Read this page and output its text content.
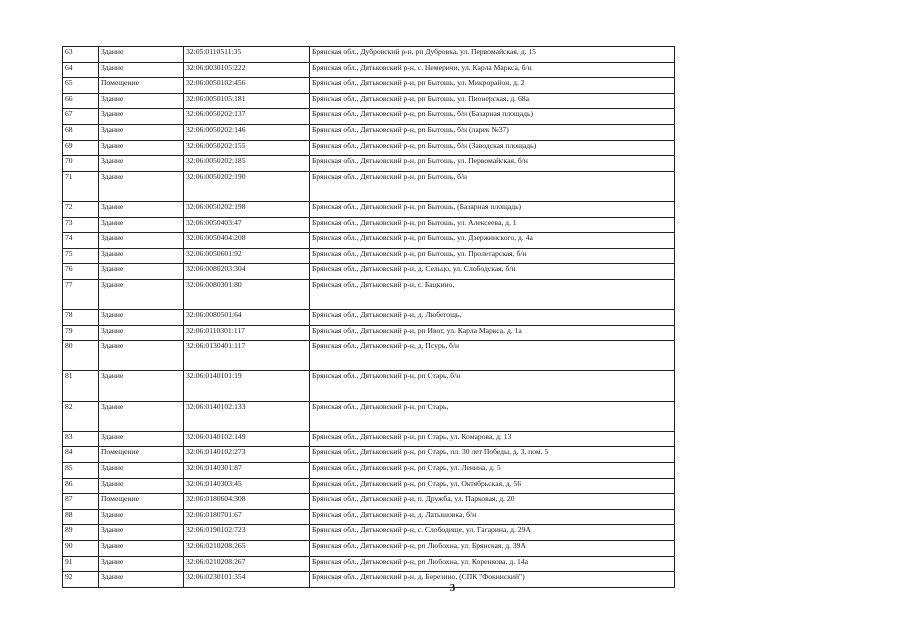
63	Здание	32:05:0110511:35	Брянская обл., Дубровский р-н, рп Дубровка, ул. Первомайская, д. 15
64	Здание	32:06:0030105:222	Брянская обл., Дятьковский р-н, с. Немеричи, ул. Карла Маркса, б/н
65	Помещение	32:06:0050102:456	Брянская обл., Дятьковский р-н, рп Бытошь, ул. Микрорайон, д. 2
66	Здание	32:06:0050105:181	Брянская обл., Дятьковский р-н, рп Бытошь, ул. Пионерская, д. 68а
67	Здание	32:06:0050202:137	Брянская обл., Дятьковский р-н, рп Бытошь, б/н (Базарная площадь)
68	Здание	32:06:0050202:146	Брянская обл., Дятьковский р-н, рп Бытошь, б/н (ларек №37)
69	Здание	32:06:0050202:155	Брянская обл., Дятьковский р-н, рп Бытошь, б/н (Заводская площадь)
70	Здание	32:06:0050202:185	Брянская обл., Дятьковский р-н, рп Бытошь, ул. Первомайская, б/н
71	Здание	32:06:0050202:190	Брянская обл., Дятьковский р-н, рп Бытошь, б/н
72	Здание	32:06:0050202:198	Брянская обл., Дятьковский р-н, рп Бытошь, (Базарная площадь)
73	Здание	32:06:0050403:47	Брянская обл., Дятьковский р-н, рп Бытошь, ул. Алексеева, д. 1
74	Здание	32:06:0050404:208	Брянская обл., Дятьковский р-н, рп Бытошь, ул. Дзержинского, д. 4а
75	Здание	32:06:0050601:92	Брянская обл., Дятьковский р-н, рп Бытошь, ул. Пролетарская, б/н
76	Здание	32:06:0080203:304	Брянская обл., Дятьковский р-н, д. Сельцо, ул. Слободская, б/н
77	Здание	32:06:0080301:80	Брянская обл., Дятьковский р-н, с. Бацкино,
78	Здание	32:06:0080501:64	Брянская обл., Дятьковский р-н, д. Любегощь,
79	Здание	32:06:0110301:117	Брянская обл., Дятьковский р-н, рп Ивот, ул. Карла Маркса, д. 1а
80	Здание	32:06:0130401:117	Брянская обл., Дятьковский р-н, д. Псурь, б/н
81	Здание	32:06:0140101:19	Брянская обл., Дятьковский р-н, рп Старь, б/н
82	Здание	32:06:0140102:133	Брянская обл., Дятьковский р-н, рп Старь,
83	Здание	32:06:0140102:149	Брянская обл., Дятьковский р-н, рп Старь, ул. Комарова, д. 13
84	Помещение	32:06:0140102:273	Брянская обл., Дятьковский р-н, рп Старь, пл. 30 лет Победы, д. 3, пом. 5
85	Здание	32:06:0140301:87	Брянская обл., Дятьковский р-н, рп Старь, ул. Ленина, д. 5
86	Здание	32:06:0140303:45	Брянская обл., Дятьковский р-н, рп Старь, ул. Октябрьская, д. 56
87	Помещение	32:06:0180604:308	Брянская обл., Дятьковский р-н, п. Дружба, ул. Парковая, д. 20
88	Здание	32:06:0180701:67	Брянская обл., Дятьковский р-н, д. Латышовка, б/н
89	Здание	32:06:0190102:723	Брянская обл., Дятьковский р-н, с. Слободище, ул. Гагарина, д. 29А
90	Здание	32:06:0210208:265	Брянская обл., Дятьковский р-н, рп Любохна, ул. Брянская, д. 39А
91	Здание	32:06:0210208:267	Брянская обл., Дятьковский р-н, рп Любохна, ул. Коренкова, д. 14а
92	Здание	32:06:0230101:354	Брянская обл., Дятьковский р-н, д. Березино, (СПК "Фокинский")
3
